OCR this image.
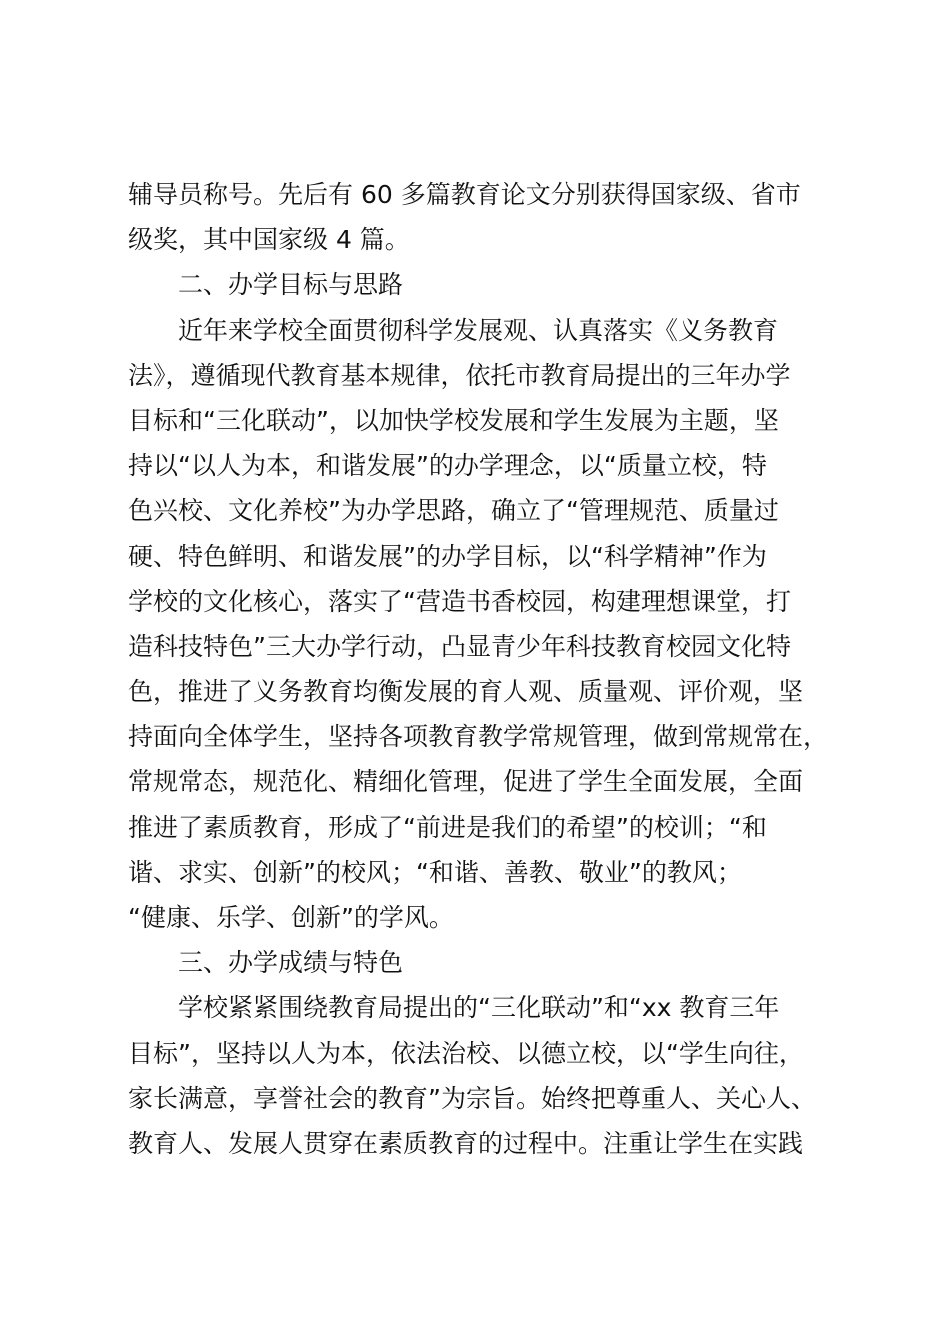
辅导员称号。先后有 60 多篇教育论文分别获得国家级、省市
级奖，其中国家级 4 篇。
二、办学目标与思路
近年来学校全面贯彻科学发展观、认真落实《义务教育
法》，遵循现代教育基本规律，依托市教育局提出的三年办学
目标和“三化联动”，以加快学校发展和学生发展为主题，坚
持以“以人为本，和谐发展”的办学理念，以“质量立校，特
色兴校、文化养校”为办学思路，确立了“管理规范、质量过
硬、特色鲜明、和谐发展”的办学目标，以“科学精神”作为
学校的文化核心，落实了“营造书香校园，构建理想课堂，打
造科技特色”三大办学行动，凸显青少年科技教育校园文化特
色，推进了义务教育均衡发展的育人观、质量观、评价观，坚
持面向全体学生，坚持各项教育教学常规管理，做到常规常在，
常规常态，规范化、精细化管理，促进了学生全面发展，全面
推进了素质教育，形成了“前进是我们的希望”的校训；“和
谐、求实、创新”的校风；“和谐、善教、敬业”的教风；
“健康、乐学、创新”的学风。
三、办学成绩与特色
学校紧紧围绕教育局提出的“三化联动”和“xx 教育三年
目标”，坚持以人为本，依法治校、以德立校，以“学生向往，
家长满意，享誉社会的教育”为宗旨。始终把尊重人、关心人、
教育人、发展人贯穿在素质教育的过程中。注重让学生在实践
